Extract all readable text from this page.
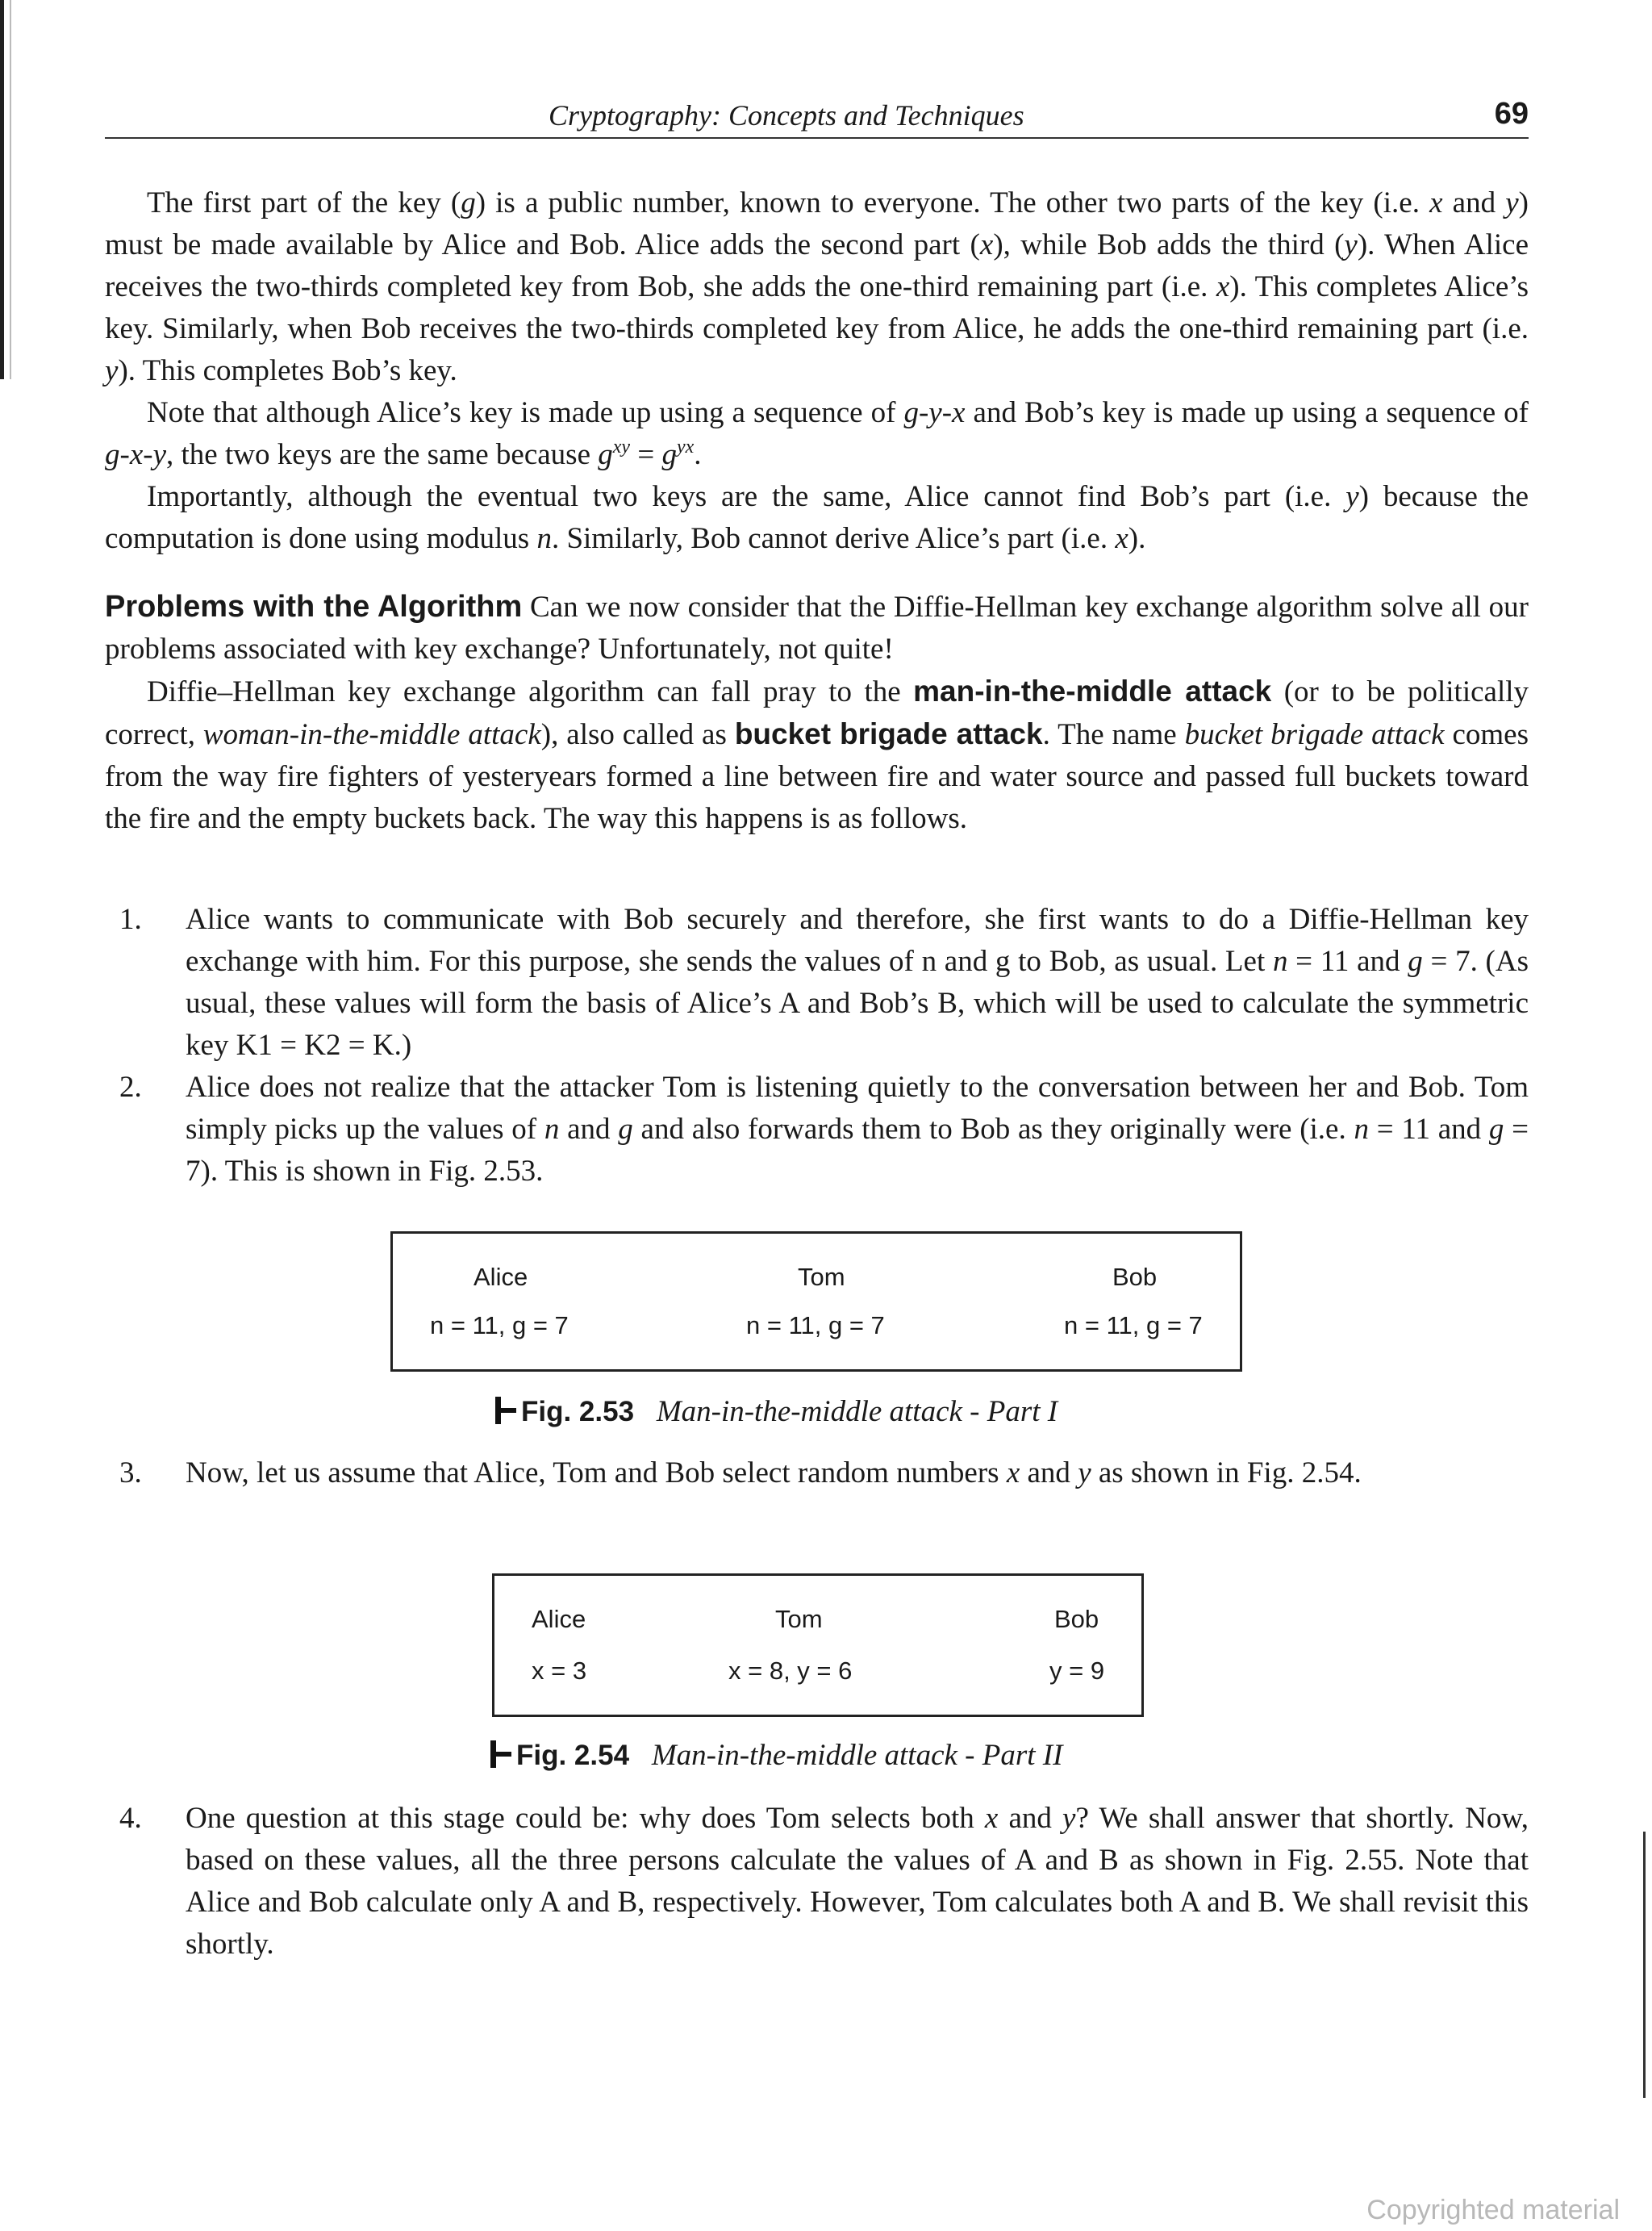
Cryptography: Concepts and Techniques	69

The first part of the key (g) is a public number, known to everyone. The other two parts of the key (i.e. x and y) must be made available by Alice and Bob. Alice adds the second part (x), while Bob adds the third (y). When Alice receives the two-thirds completed key from Bob, she adds the one-third remaining part (i.e. x). This completes Alice’s key. Similarly, when Bob receives the two-thirds completed key from Alice, he adds the one-third remaining part (i.e. y). This completes Bob’s key.

Note that although Alice’s key is made up using a sequence of g-y-x and Bob’s key is made up using a sequence of g-x-y, the two keys are the same because $g^{xy} = g^{yx}$.

Importantly, although the eventual two keys are the same, Alice cannot find Bob’s part (i.e. y) because the computation is done using modulus n. Similarly, Bob cannot derive Alice’s part (i.e. x).

Problems with the Algorithm Can we now consider that the Diffie-Hellman key exchange algorithm solve all our problems associated with key exchange? Unfortunately, not quite!

Diffie–Hellman key exchange algorithm can fall pray to the man-in-the-middle attack (or to be politically correct, woman-in-the-middle attack), also called as bucket brigade attack. The name bucket brigade attack comes from the way fire fighters of yesteryears formed a line between fire and water source and passed full buckets toward the fire and the empty buckets back. The way this happens is as follows.

1. Alice wants to communicate with Bob securely and therefore, she first wants to do a Diffie-Hellman key exchange with him. For this purpose, she sends the values of n and g to Bob, as usual. Let n = 11 and g = 7. (As usual, these values will form the basis of Alice’s A and Bob’s B, which will be used to calculate the symmetric key K1 = K2 = K.)

2. Alice does not realize that the attacker Tom is listening quietly to the conversation between her and Bob. Tom simply picks up the values of n and g and also forwards them to Bob as they originally were (i.e. n = 11 and g = 7). This is shown in Fig. 2.53.

Alice	Tom	Bob
n = 11, g = 7	n = 11, g = 7	n = 11, g = 7
Fig. 2.53 Man-in-the-middle attack - Part I
3. Now, let us assume that Alice, Tom and Bob select random numbers x and y as shown in Fig. 2.54.

Alice	Tom	Bob
x = 3	x = 8, y = 6	y = 9
Fig. 2.54 Man-in-the-middle attack - Part II
4. One question at this stage could be: why does Tom selects both x and y? We shall answer that shortly. Now, based on these values, all the three persons calculate the values of A and B as shown in Fig. 2.55. Note that Alice and Bob calculate only A and B, respectively. However, Tom calculates both A and B. We shall revisit this shortly.

Copyrighted material
